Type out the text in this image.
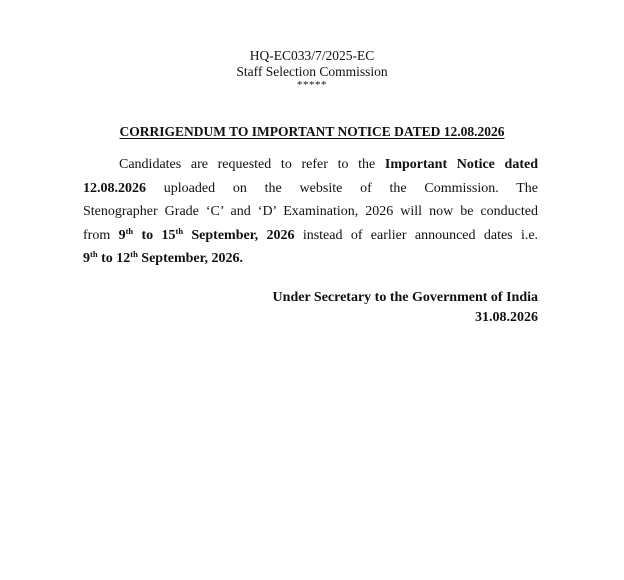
HQ-EC033/7/2025-EC
Staff Selection Commission
*****
CORRIGENDUM TO IMPORTANT NOTICE DATED 12.08.2026
Candidates are requested to refer to the Important Notice dated
12.08.2026 uploaded on the website of the Commission. The
Stenographer Grade ‘C’ and ‘D’ Examination, 2026 will now be conducted
from 9th to 15th September, 2026 instead of earlier announced dates i.e.
9th to 12th September, 2026.
Under Secretary to the Government of India
31.08.2026
